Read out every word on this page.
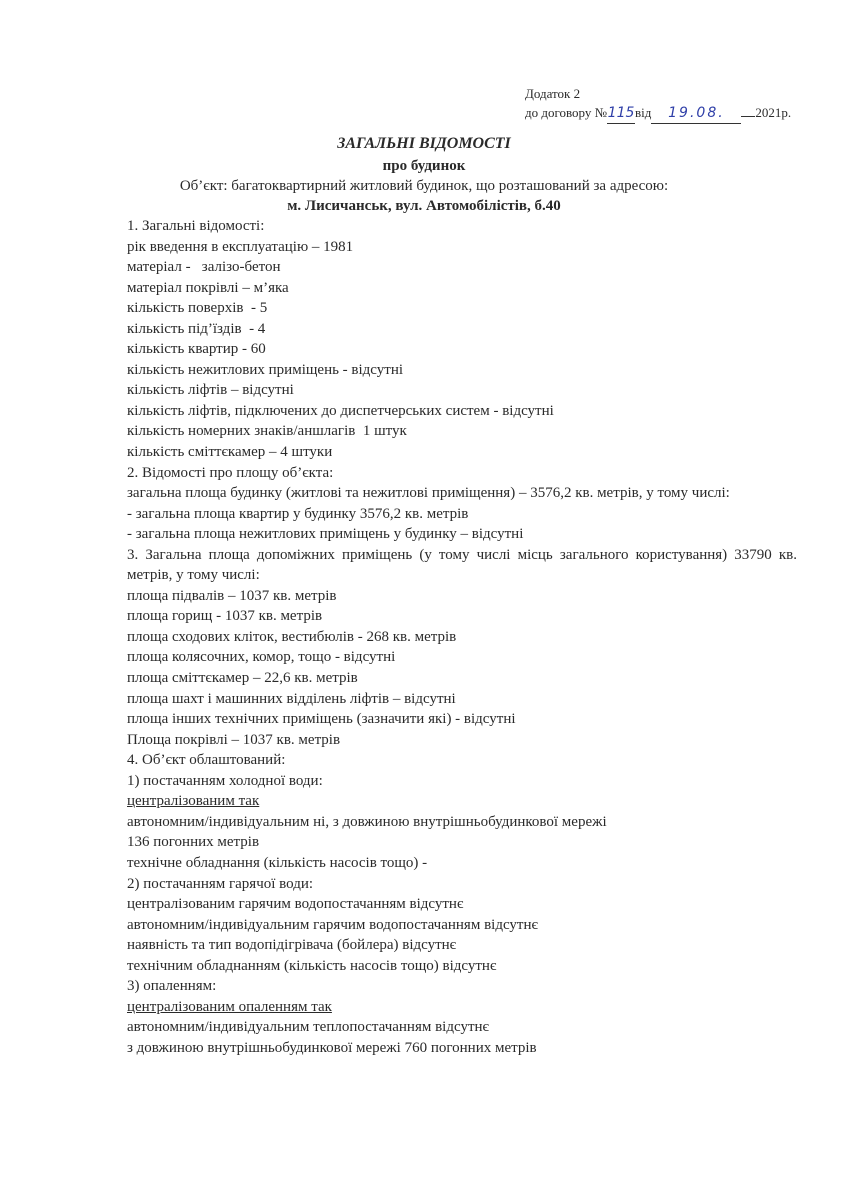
Додаток 2
до договору №115від 19.08. 2021р.
ЗАГАЛЬНІ ВІДОМОСТІ
про будинок
Об’єкт: багатоквартирний житловий будинок, що розташований за адресою:
м. Лисичанськ, вул. Автомобілістів, б.40
1. Загальні відомості:
рік введення в експлуатацію – 1981
матеріал -   залізо-бетон
матеріал покрівлі – м’яка
кількість поверхів  - 5
кількість під’їздів  - 4
кількість квартир - 60
кількість нежитлових приміщень - відсутні
кількість ліфтів – відсутні
кількість ліфтів, підключених до диспетчерських систем - відсутні
кількість номерних знаків/аншлагів  1 штук
кількість сміттєкамер – 4 штуки
2. Відомості про площу об’єкта:
загальна площа будинку (житлові та нежитлові приміщення) – 3576,2 кв. метрів, у тому числі:
- загальна площа квартир у будинку 3576,2 кв. метрів
- загальна площа нежитлових приміщень у будинку – відсутні
3. Загальна площа допоміжних приміщень (у тому числі місць загального користування) 33790 кв. метрів, у тому числі:
площа підвалів – 1037 кв. метрів
площа горищ - 1037 кв. метрів
площа сходових кліток, вестибюлів - 268 кв. метрів
площа колясочних, комор, тощо - відсутні
площа сміттєкамер – 22,6 кв. метрів
площа шахт і машинних відділень ліфтів – відсутні
площа інших технічних приміщень (зазначити які) - відсутні
Площа покрівлі – 1037 кв. метрів
4. Об’єкт облаштований:
1) постачанням холодної води:
централізованим так
автономним/індивідуальним ні, з довжиною внутрішньобудинкової мережі
136 погонних метрів
технічне обладнання (кількість насосів тощо) -
2) постачанням гарячої води:
централізованим гарячим водопостачанням відсутнє
автономним/індивідуальним гарячим водопостачанням відсутнє
наявність та тип водопідігрівача (бойлера) відсутнє
технічним обладнанням (кількість насосів тощо) відсутнє
3) опаленням:
централізованим опаленням так
автономним/індивідуальним теплопостачанням відсутнє
з довжиною внутрішньобудинкової мережі 760 погонних метрів
